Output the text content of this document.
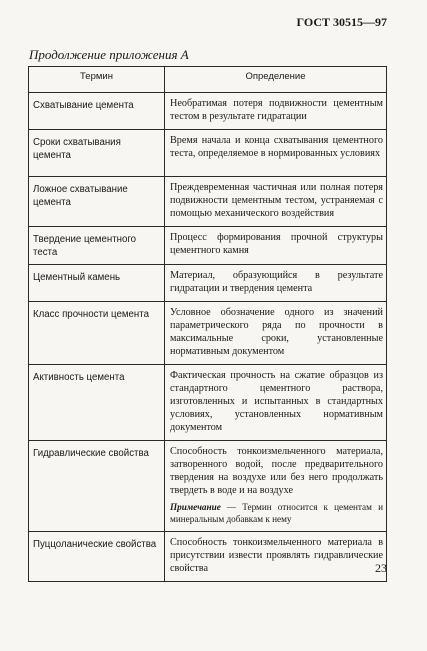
ГОСТ 30515—97
Продолжение приложения А
Термин	Определение
Схватывание цемента	Необратимая потеря подвижности цементным тестом в результате гидратации
Сроки схватывания цемента	Время начала и конца схватывания цементного теста, определяемое в нормированных условиях
Ложное схватывание цемента	Преждевременная частичная или полная потеря подвижности цементным тестом, устраняемая с помощью механического воздействия
Твердение цементного теста	Процесс формирования прочной структуры цементного камня
Цементный камень	Материал, образующийся в результате гидратации и твердения цемента
Класс прочности цемента	Условное обозначение одного из значений параметрического ряда по прочности в максимальные сроки, установленные нормативным документом
Активность цемента	Фактическая прочность на сжатие образцов из стандартного цементного раствора, изготовленных и испытанных в стандартных условиях, установленных нормативным документом
Гидравлические свойства	Способность тонкоизмельченного материала, затворенного водой, после предварительного твердения на воздухе или без него продолжать твердеть в воде и на воздухе
Примечание — Термин относится к цементам и минеральным добавкам к нему

Пуццоланические свойства	Способность тонкоизмельченного материала в присутствии извести проявлять гидравлические свойства	23
